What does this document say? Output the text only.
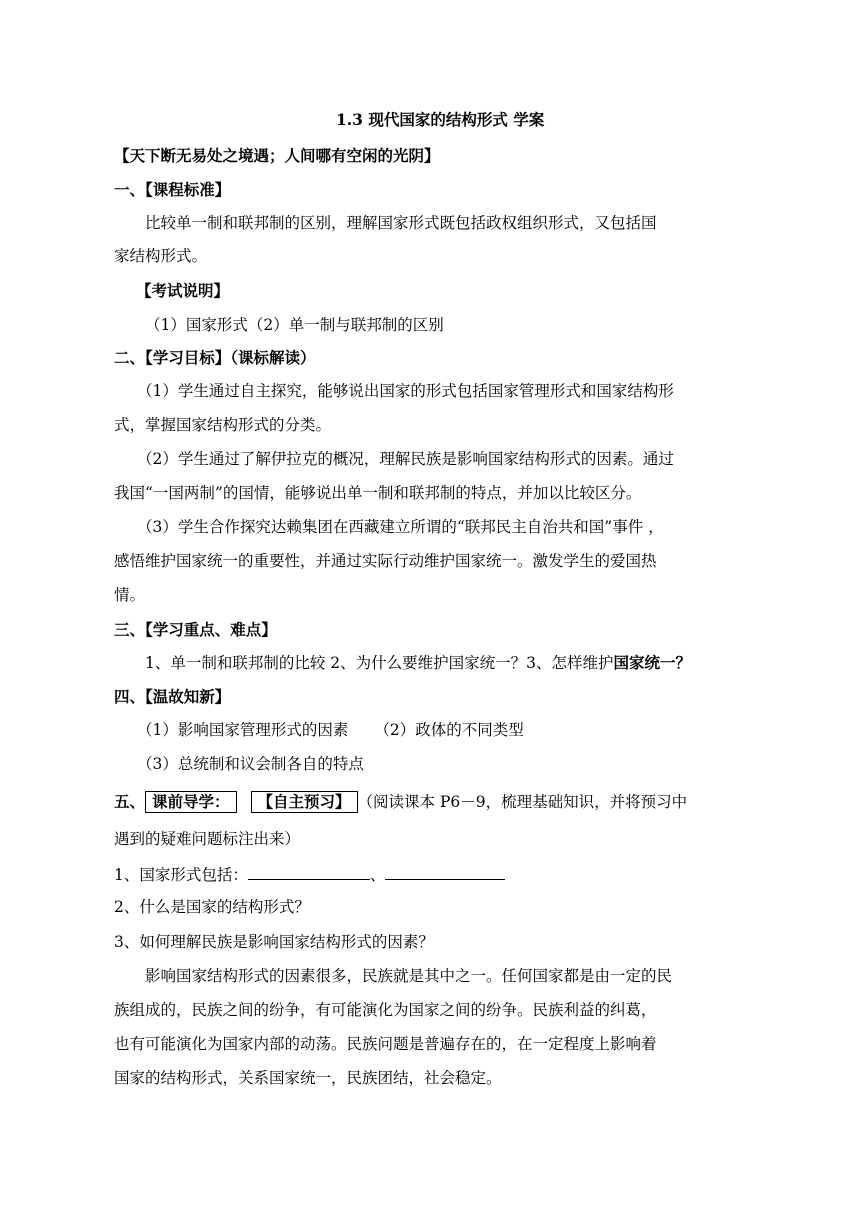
1.3 现代国家的结构形式 学案
【天下断无易处之境遇；人间哪有空闲的光阴】
一、【课程标准】
比较单一制和联邦制的区别，理解国家形式既包括政权组织形式，又包括国
家结构形式。
【考试说明】
（1）国家形式（2）单一制与联邦制的区别
二、【学习目标】（课标解读）
（1）学生通过自主探究，能够说出国家的形式包括国家管理形式和国家结构形
式，掌握国家结构形式的分类。
（2）学生通过了解伊拉克的概况，理解民族是影响国家结构形式的因素。通过
我国“一国两制”的国情，能够说出单一制和联邦制的特点，并加以比较区分。
（3）学生合作探究达赖集团在西藏建立所谓的“联邦民主自治共和国”事件 ，
感悟维护国家统一的重要性，并通过实际行动维护国家统一。激发学生的爱国热
情。
三、【学习重点、难点】
1、单一制和联邦制的比较 2、为什么要维护国家统一？3、怎样维护国家统一？
四、【温故知新】
（1）影响国家管理形式的因素 （2）政体的不同类型
（3）总统制和议会制各自的特点
五、 课前导学： 【自主预习】 （阅读课本 P6－9，梳理基础知识，并将预习中
遇到的疑难问题标注出来）
1、国家形式包括：	、
2、什么是国家的结构形式？
3、如何理解民族是影响国家结构形式的因素？
影响国家结构形式的因素很多，民族就是其中之一。任何国家都是由一定的民
族组成的，民族之间的纷争，有可能演化为国家之间的纷争。民族利益的纠葛，
也有可能演化为国家内部的动荡。民族问题是普遍存在的，在一定程度上影响着
国家的结构形式，关系国家统一，民族团结，社会稳定。
